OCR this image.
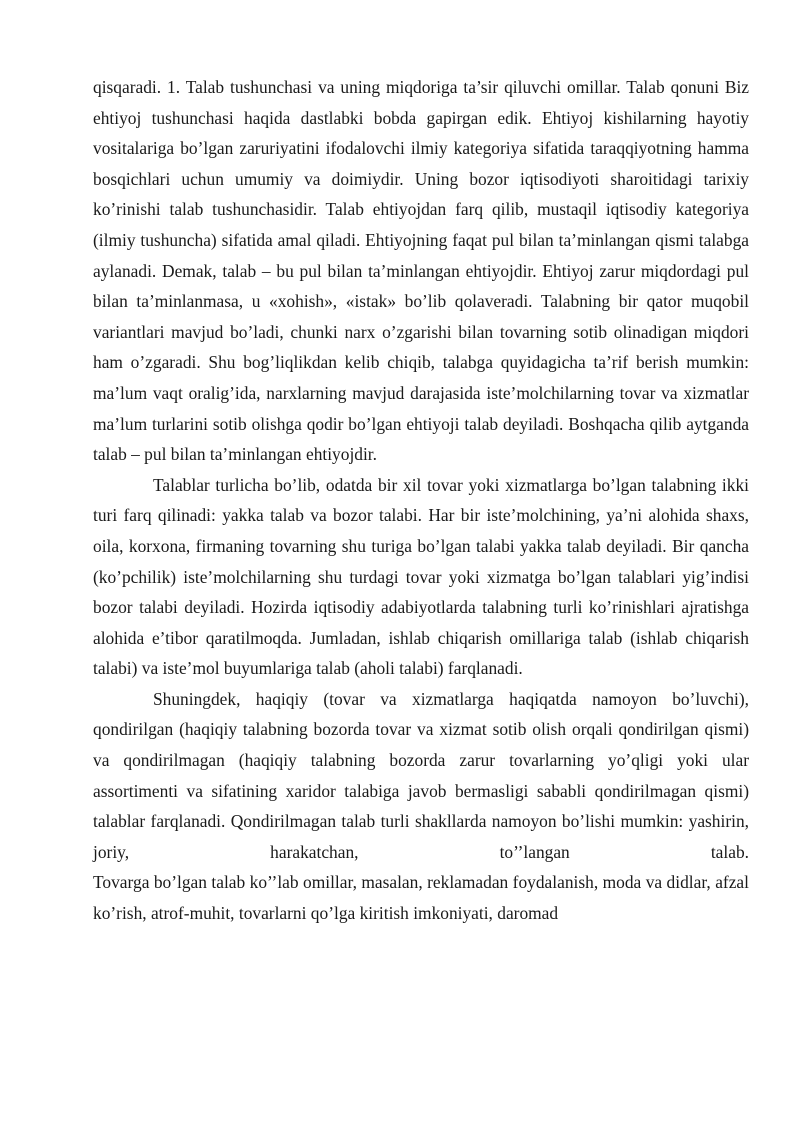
qisqaradi. 1. Talab tushunchasi va uning miqdoriga ta’sir qiluvchi omillar. Talab qonuni Biz ehtiyoj tushunchasi haqida dastlabki bobda gapirgan edik. Ehtiyoj kishilarning hayotiy vositalariga bo’lgan zaruriyatini ifodalovchi ilmiy kategoriya sifatida taraqqiyotning hamma bosqichlari uchun umumiy va doimiydir. Uning bozor iqtisodiyoti sharoitidagi tarixiy ko’rinishi talab tushunchasidir. Talab ehtiyojdan farq qilib, mustaqil iqtisodiy kategoriya (ilmiy tushuncha) sifatida amal qiladi. Ehtiyojning faqat pul bilan ta’minlangan qismi talabga aylanadi. Demak, talab – bu pul bilan ta’minlangan ehtiyojdir. Ehtiyoj zarur miqdordagi pul bilan ta’minlanmasa, u «xohish», «istak» bo’lib qolaveradi. Talabning bir qator muqobil variantlari mavjud bo’ladi, chunki narx o’zgarishi bilan tovarning sotib olinadigan miqdori ham o’zgaradi. Shu bog’liqlikdan kelib chiqib, talabga quyidagicha ta’rif berish mumkin: ma’lum vaqt oralig’ida, narxlarning mavjud darajasida iste’molchilarning tovar va xizmatlar ma’lum turlarini sotib olishga qodir bo’lgan ehtiyoji talab deyiladi. Boshqacha qilib aytganda talab – pul bilan ta’minlangan ehtiyojdir.

Talablar turlicha bo’lib, odatda bir xil tovar yoki xizmatlarga bo’lgan talabning ikki turi farq qilinadi: yakka talab va bozor talabi. Har bir iste’molchining, ya’ni alohida shaxs, oila, korxona, firmaning tovarning shu turiga bo’lgan talabi yakka talab deyiladi. Bir qancha (ko’pchilik) iste’molchilarning shu turdagi tovar yoki xizmatga bo’lgan talablari yig’indisi bozor talabi deyiladi. Hozirda iqtisodiy adabiyotlarda talabning turli ko’rinishlari ajratishga alohida e’tibor qaratilmoqda. Jumladan, ishlab chiqarish omillariga talab (ishlab chiqarish talabi) va iste’mol buyumlariga talab (aholi talabi) farqlanadi.

Shuningdek, haqiqiy (tovar va xizmatlarga haqiqatda namoyon bo’luvchi), qondirilgan (haqiqiy talabning bozorda tovar va xizmat sotib olish orqali qondirilgan qismi) va qondirilmagan (haqiqiy talabning bozorda zarur tovarlarning yo’qligi yoki ular assortimenti va sifatining xaridor talabiga javob bermasligi sababli qondirilmagan qismi) talablar farqlanadi. Qondirilmagan talab turli shakllarda namoyon bo’lishi mumkin: yashirin, joriy, harakatchan, to’’langan talab.

Tovarga bo’lgan talab ko’’lab omillar, masalan, reklamadan foydalanish, moda va didlar, afzal ko’rish, atrof-muhit, tovarlarni qo’lga kiritish imkoniyati, daromad
